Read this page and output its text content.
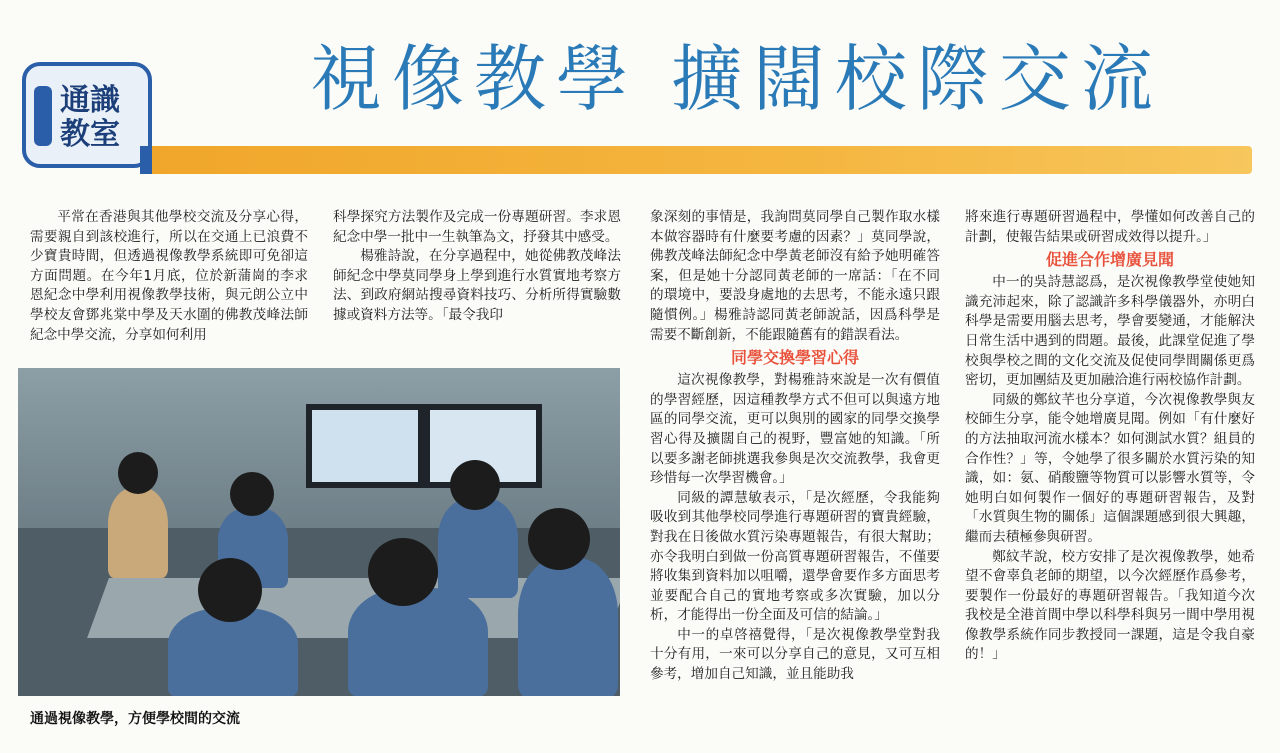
通識
教室
視像教學 擴闊校際交流

平常在香港與其他學校交流及分享心得，需要親自到該校進行，所以在交通上已浪費不少寶貴時間，但透過視像教學系統即可免卻這方面問題。在今年1月底，位於新蒲崗的李求恩紀念中學利用視像教學技術，與元朗公立中學校友會鄧兆棠中學及天水圍的佛教茂峰法師紀念中學交流，分享如何利用

科學探究方法製作及完成一份專題研習。李求恩紀念中學一批中一生執筆為文，抒發其中感受。

楊雅詩說，在分享過程中，她從佛教茂峰法師紀念中學莫同學身上學到進行水質實地考察方法、到政府網站搜尋資料技巧、分析所得實驗數據或資料方法等。「最令我印

象深刻的事情是，我詢問莫同學自己製作取水樣本做容器時有什麼要考慮的因素？」莫同學說，佛教茂峰法師紀念中學黃老師沒有給予她明確答案，但是她十分認同黃老師的一席話：「在不同的環境中，要設身處地的去思考，不能永遠只跟隨慣例。」楊雅詩認同黃老師說話，因爲科學是需要不斷創新，不能跟隨舊有的錯誤看法。

同學交換學習心得

這次視像教學，對楊雅詩來說是一次有價值的學習經歷，因這種教學方式不但可以與遠方地區的同學交流，更可以與別的國家的同學交換學習心得及擴闊自己的視野，豐富她的知識。「所以要多謝老師挑選我參與是次交流教學，我會更珍惜每一次學習機會。」

同級的譚慧敏表示，「是次經歷，令我能夠吸收到其他學校同學進行專題研習的寶貴經驗，對我在日後做水質污染專題報告，有很大幫助；亦令我明白到做一份高質專題研習報告，不僅要將收集到資料加以咀嚼，還學會要作多方面思考並要配合自己的實地考察或多次實驗，加以分析，才能得出一份全面及可信的結論。」

中一的卓啓禧覺得，「是次視像教學堂對我十分有用，一來可以分享自己的意見，又可互相參考，增加自己知識，並且能助我

將來進行專題研習過程中，學懂如何改善自己的計劃，使報告結果或研習成效得以提升。」

促進合作增廣見聞

中一的吳詩慧認爲，是次視像教學堂使她知識充沛起來，除了認識許多科學儀器外，亦明白科學是需要用腦去思考，學會要變通，才能解決日常生活中遇到的問題。最後，此課堂促進了學校與學校之間的文化交流及促使同學間關係更爲密切，更加團結及更加融洽進行兩校協作計劃。

同級的鄭紋芊也分享道，今次視像教學與友校師生分享，能令她增廣見聞。例如「有什麼好的方法抽取河流水樣本？如何測試水質？組員的合作性？」等，令她學了很多關於水質污染的知識，如：氨、硝酸鹽等物質可以影響水質等，令她明白如何製作一個好的專題研習報告，及對「水質與生物的關係」這個課題感到很大興趣，繼而去積極參與研習。

鄭紋芊說，校方安排了是次視像教學，她希望不會辜負老師的期望，以今次經歷作爲參考，要製作一份最好的專題研習報告。「我知道今次我校是全港首間中學以科學科與另一間中學用視像教學系統作同步教授同一課題，這是令我自豪的！」

通過視像教學，方便學校間的交流
